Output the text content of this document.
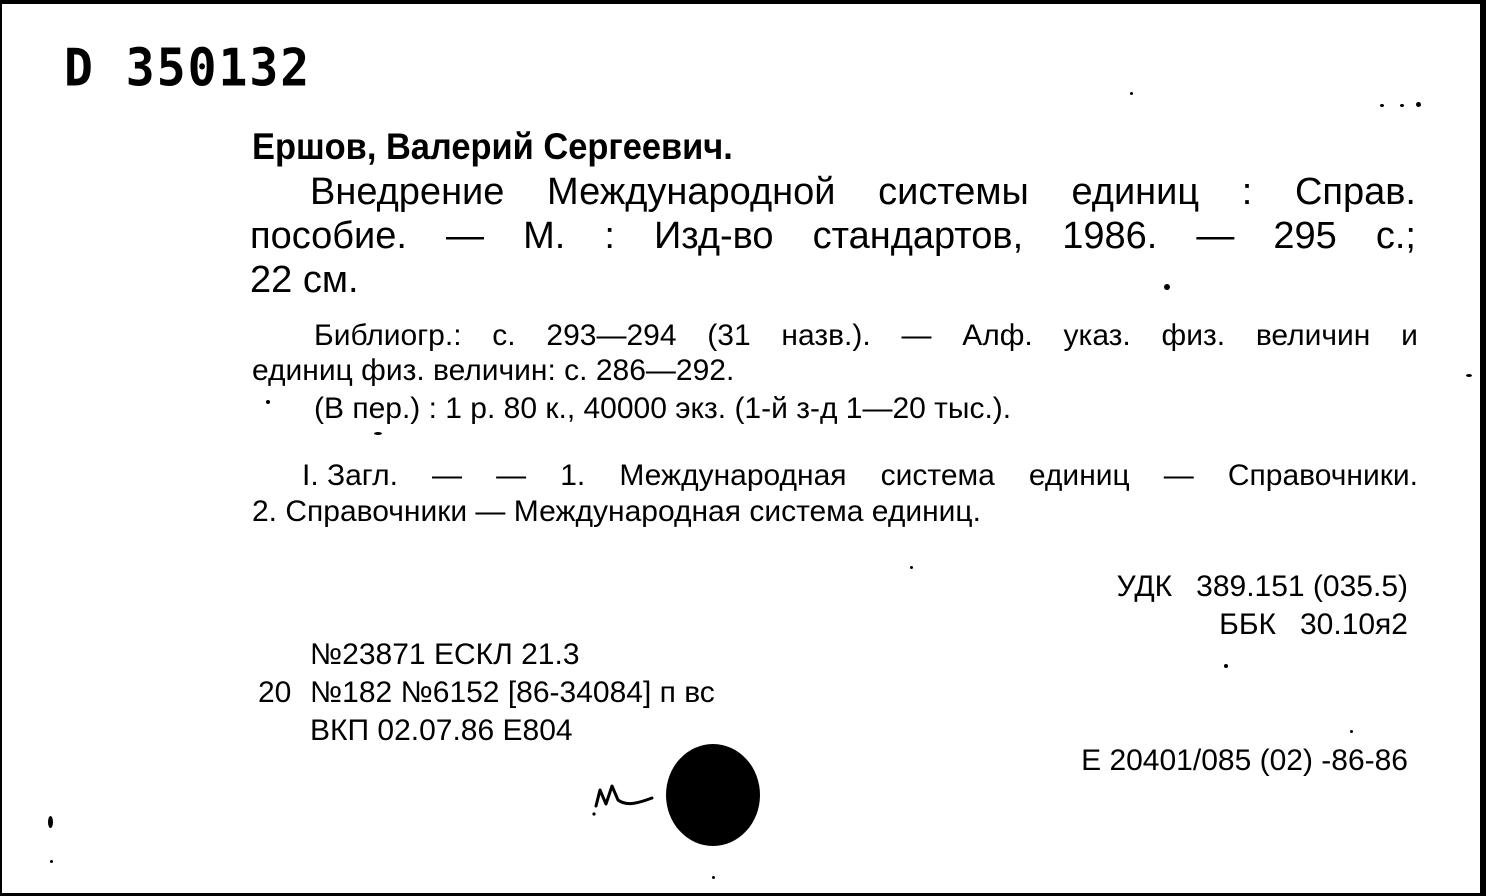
D 350132
Ершов, Валерий Сергеевич.
Внедрение Международной системы единиц : Справ.
пособие. — М. : Изд-во стандартов, 1986. — 295 с.;
22 см.
Библиогр.: с. 293—294 (31 назв.). — Алф. указ. физ. величин и
единиц физ. величин: с. 286—292.
(В пер.) : 1 р. 80 к., 40000 экз. (1-й з-д 1—20 тыс.).
I. Загл. — — 1. Международная система единиц — Справочники.
2. Справочники — Международная система единиц.
УДК 389.151 (035.5)
ББК 30.10я2
№23871 ЕСКЛ 21.3
20 №182 №6152 [86-34084] п вс
ВКП 02.07.86 Е804
Е 20401/085 (02) -86-86
